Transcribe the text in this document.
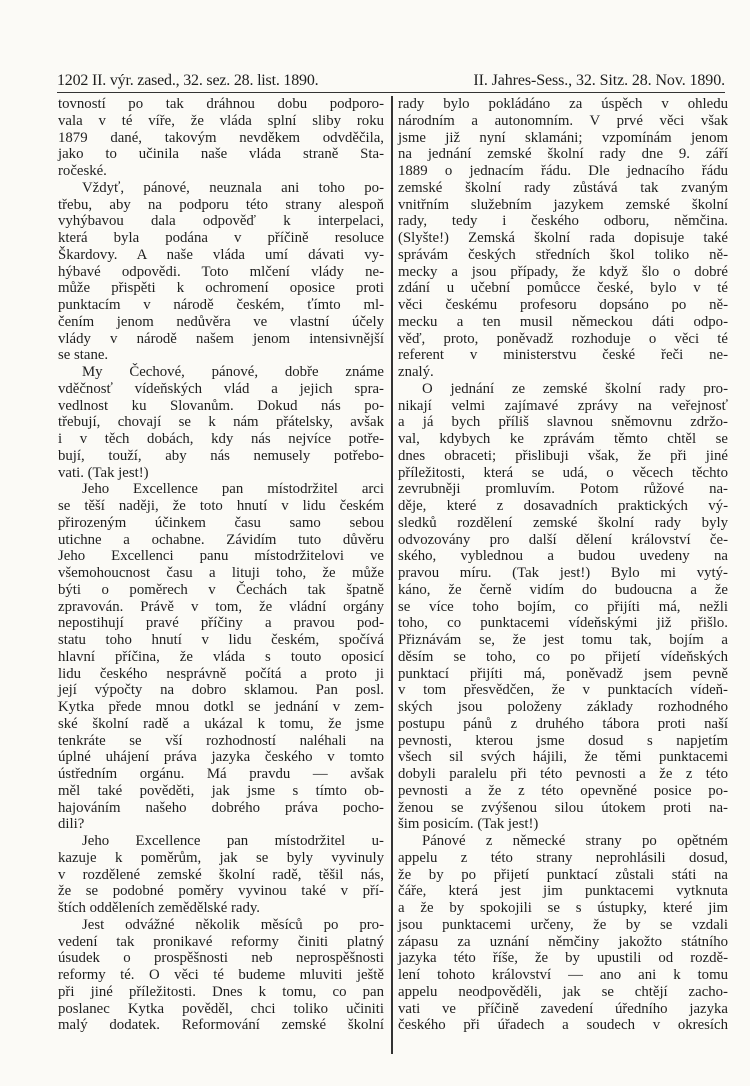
1202 II. výr. zased., 32. sez. 28. list. 1890.	II. Jahres-Sess., 32. Sitz. 28. Nov. 1890.
tovností po tak dráhnou dobu podporo-
vala v té víře, že vláda splní sliby roku
1879 dané, takovým nevděkem odvděčila,
jako to učinila naše vláda straně Sta-
ročeské.
Vždyť, pánové, neuznala ani toho po-
třebu, aby na podporu této strany alespoň
vyhýbavou dala odpověď k interpelaci,
která byla podána v příčině resoluce
Škardovy. A naše vláda umí dávati vy-
hýbavé odpovědi. Toto mlčení vlády ne-
může přispěti k ochromení oposice proti
punktacím v národě českém, ťímto ml-
čením jenom nedůvěra ve vlastní účely
vlády v národě našem jenom intensivnější
se stane.
My Čechové, pánové, dobře známe
vděčnosť vídeňských vlád a jejich spra-
vedlnost ku Slovanům. Dokud nás po-
třebují, chovají se k nám přátelsky, avšak
i v těch dobách, kdy nás nejvíce potře-
bují, touží, aby nás nemusely potřebo-
vati. (Tak jest!)
Jeho Excellence pan místodržitel arci
se těší naději, že toto hnutí v lidu českém
přirozeným účinkem času samo sebou
utichne a ochabne. Závidím tuto důvěru
Jeho Excellenci panu místodržitelovi ve
všemohoucnost času a lituji toho, že může
býti o poměrech v Čechách tak špatně
zpravován. Právě v tom, že vládní orgány
nepostihují pravé příčiny a pravou pod-
statu toho hnutí v lidu českém, spočívá
hlavní příčina, že vláda s touto oposicí
lidu českého nesprávně počítá a proto ji
její výpočty na dobro sklamou. Pan posl.
Kytka přede mnou dotkl se jednání v zem-
ské školní radě a ukázal k tomu, že jsme
tenkráte se vší rozhodností naléhali na
úplné uhájení práva jazyka českého v tomto
ústředním orgánu. Má pravdu — avšak
měl také pověděti, jak jsme s tímto ob-
hajováním našeho dobrého práva pocho-
dili?
Jeho Excellence pan místodržitel u-
kazuje k poměrům, jak se byly vyvinuly
v rozdělené zemské školní radě, těšil nás,
že se podobné poměry vyvinou také v pří-
štích odděleních zemědělské rady.
Jest odvážné několik měsíců po pro-
vedení tak pronikavé reformy činiti platný
úsudek o prospěšnosti neb neprospěšnosti
reformy té. O věci té budeme mluviti ještě
při jiné příležitosti. Dnes k tomu, co pan
poslanec Kytka pověděl, chci toliko učiniti
malý dodatek. Reformování zemské školní
rady bylo pokládáno za úspěch v ohledu
národním a autonomním. V prvé věci však
jsme již nyní sklamáni; vzpomínám jenom
na jednání zemské školní rady dne 9. září
1889 o jednacím řádu. Dle jednacího řádu
zemské školní rady zůstává tak zvaným
vnitřním služebním jazykem zemské školní
rady, tedy i českého odboru, němčina.
(Slyšte!) Zemská školní rada dopisuje také
správám českých středních škol toliko ně-
mecky a jsou případy, že když šlo o dobré
zdání u učební pomůcce české, bylo v té
věci českému profesoru dopsáno po ně-
mecku a ten musil německou dáti odpo-
věď, proto, poněvadž rozhoduje o věci té
referent v ministerstvu české řeči ne-
znalý.
O jednání ze zemské školní rady pro-
nikají velmi zajímavé zprávy na veřejnosť
a já bych příliš slavnou sněmovnu zdržo-
val, kdybych ke zprávám těmto chtěl se
dnes obraceti; přislibuji však, že při jiné
příležitosti, která se udá, o věcech těchto
zevrubněji promluvím. Potom růžové na-
děje, které z dosavadních praktických vý-
sledků rozdělení zemské školní rady byly
odvozovány pro další dělení království če-
ského, vyblednou a budou uvedeny na
pravou míru. (Tak jest!) Bylo mi vytý-
káno, že černě vidím do budoucna a že
se více toho bojím, co přijíti má, nežli
toho, co punktacemi vídeňskými již přišlo.
Přiznávám se, že jest tomu tak, bojím a
děsím se toho, co po přijetí vídeňských
punktací přijíti má, poněvadž jsem pevně
v tom přesvědčen, že v punktacích vídeň-
ských jsou položeny základy rozhodného
postupu pánů z druhého tábora proti naší
pevnosti, kterou jsme dosud s napjetím
všech sil svých hájili, že těmi punktacemi
dobyli paralelu při této pevnosti a že z této
pevnosti a že z této opevněné posice po-
ženou se zvýšenou silou útokem proti na-
šim posicím. (Tak jest!)
Pánové z německé strany po opětném
appelu z této strany neprohlásili dosud,
že by po přijetí punktací zůstali státi na
čáře, která jest jim punktacemi vytknuta
a že by spokojili se s ústupky, které jim
jsou punktacemi určeny, že by se vzdali
zápasu za uznání němčiny jakožto státního
jazyka této říše, že by upustili od rozdě-
lení tohoto království — ano ani k tomu
appelu neodpověděli, jak se chtějí zacho-
vati ve příčině zavedení úředního jazyka
českého při úřadech a soudech v okresích
